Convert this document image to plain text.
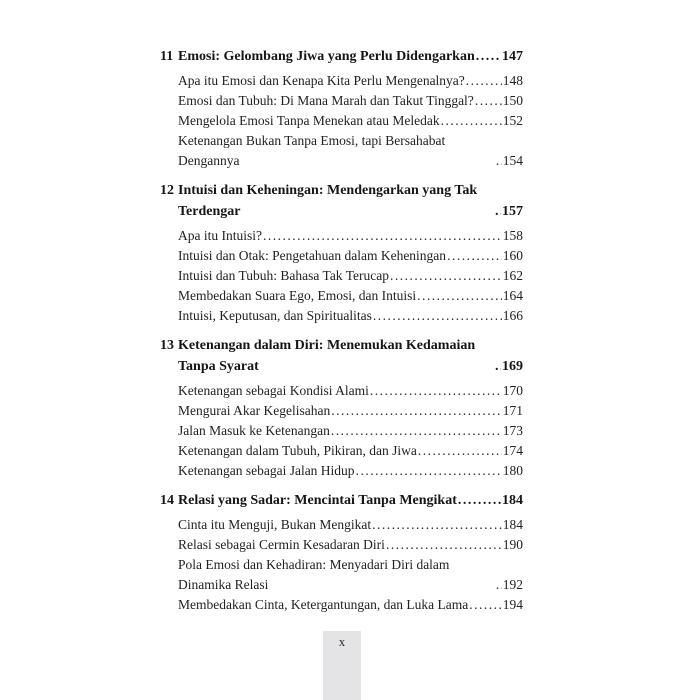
11 Emosi: Gelombang Jiwa yang Perlu Didengarkan ..... 147
Apa itu Emosi dan Kenapa Kita Perlu Mengenalnya? .....	148
Emosi dan Tubuh: Di Mana Marah dan Takut Tinggal? ..... 150
Mengelola Emosi Tanpa Menekan atau Meledak .....	152
Ketenangan Bukan Tanpa Emosi, tapi Bersahabat Dengannya .....	154
12 Intuisi dan Keheningan: Mendengarkan yang Tak Terdengar .....	157
Apa itu Intuisi? .....	158
Intuisi dan Otak: Pengetahuan dalam Keheningan .....	160
Intuisi dan Tubuh: Bahasa Tak Terucap .....	162
Membedakan Suara Ego, Emosi, dan Intuisi .....	164
Intuisi, Keputusan, dan Spiritualitas .....	166
13 Ketenangan dalam Diri: Menemukan Kedamaian Tanpa Syarat .....	169
Ketenangan sebagai Kondisi Alami .....	170
Mengurai Akar Kegelisahan .....	171
Jalan Masuk ke Ketenangan .....	173
Ketenangan dalam Tubuh, Pikiran, dan Jiwa .....	174
Ketenangan sebagai Jalan Hidup .....	180
14 Relasi yang Sadar: Mencintai Tanpa Mengikat .....	184
Cinta itu Menguji, Bukan Mengikat .....	184
Relasi sebagai Cermin Kesadaran Diri .....	190
Pola Emosi dan Kehadiran: Menyadari Diri dalam Dinamika Relasi .....	192
Membedakan Cinta, Ketergantungan, dan Luka Lama .....	194
x
